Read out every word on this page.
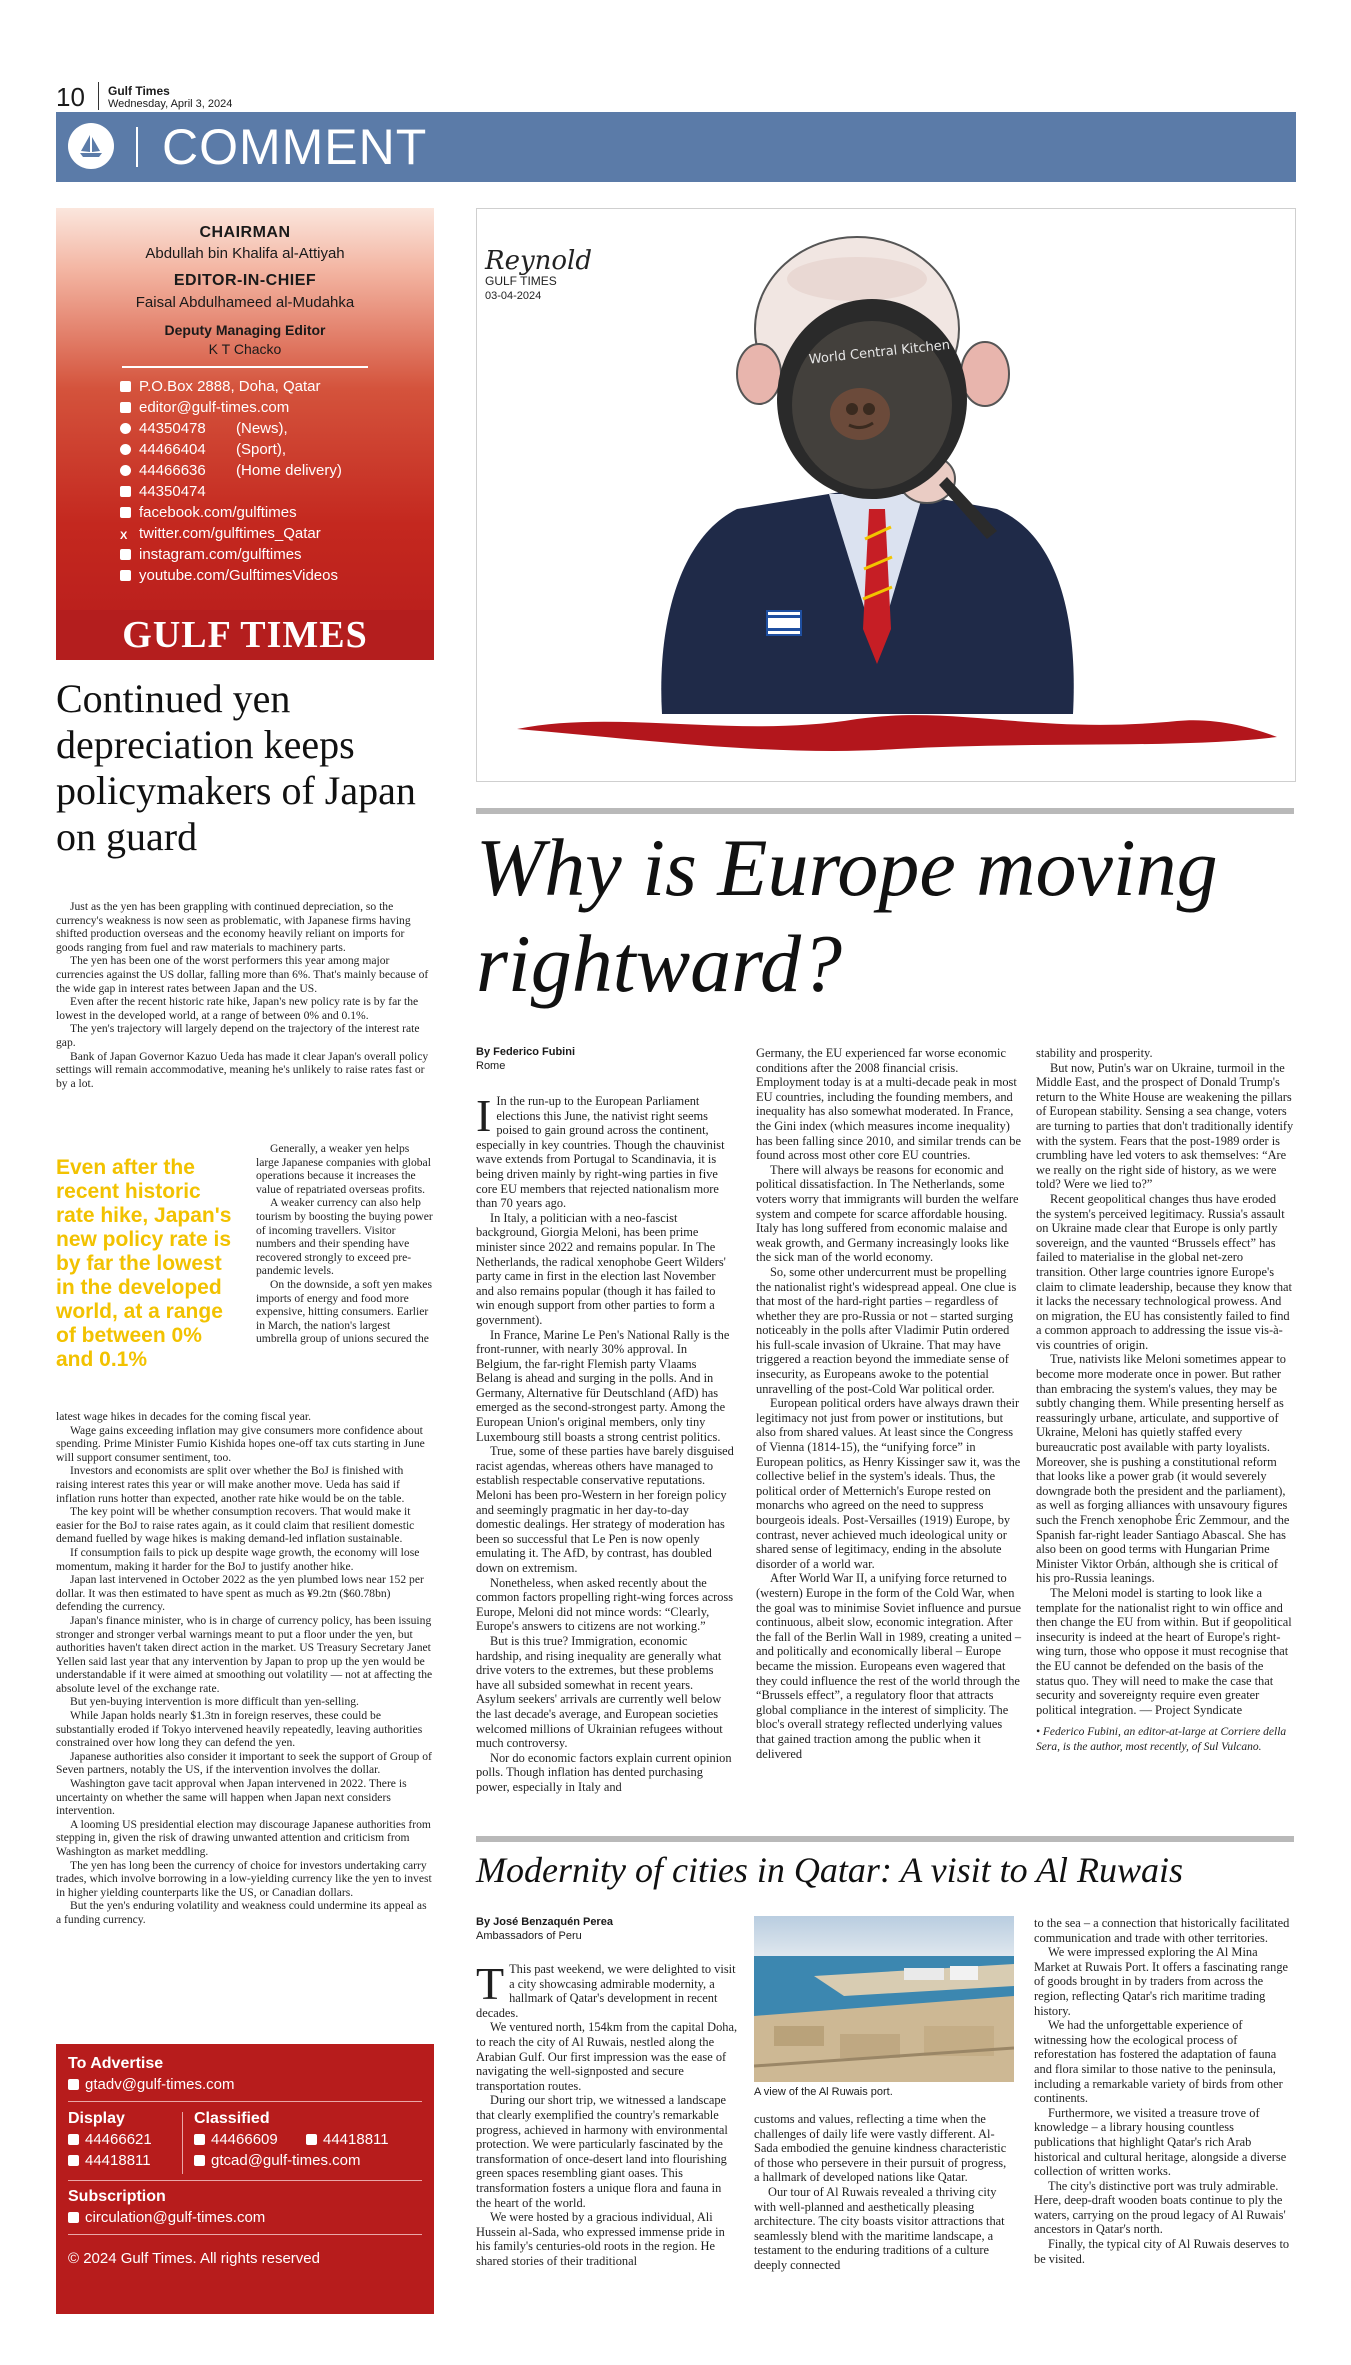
10 Gulf Times
Wednesday, April 3, 2024
COMMENT
CHAIRMAN
Abdullah bin Khalifa al-Attiyah
EDITOR-IN-CHIEF
Faisal Abdulhameed al-Mudahka
Deputy Managing Editor
K T Chacko
P.O.Box 2888, Doha, Qatar
editor@gulf-times.com
44350478 (News),
44466404 (Sport),
44466636 (Home delivery)
44350474
facebook.com/gulftimes
X twitter.com/gulftimes_Qatar
instagram.com/gulftimes
youtube.com/GulftimesVideos
GULF TIMES
Reynold
GULF TIMES
03-04-2024
World Central Kitchen
Why is Europe moving rightward?
By Federico Fubini
Rome

I In the run-up to the European Parliament elections this June, the nativist right seems poised to gain ground across the continent, especially in key countries. Though the chauvinist wave extends from Portugal to Scandinavia, it is being driven mainly by right-wing parties in five core EU members that rejected nationalism more than 70 years ago.

In Italy, a politician with a neo-fascist background, Giorgia Meloni, has been prime minister since 2022 and remains popular. In The Netherlands, the radical xenophobe Geert Wilders' party came in first in the election last November and also remains popular (though it has failed to win enough support from other parties to form a government).

In France, Marine Le Pen's National Rally is the front-runner, with nearly 30% approval. In Belgium, the far-right Flemish party Vlaams Belang is ahead and surging in the polls. And in Germany, Alternative für Deutschland (AfD) has emerged as the second-strongest party. Among the European Union's original members, only tiny Luxembourg still boasts a strong centrist politics.

True, some of these parties have barely disguised racist agendas, whereas others have managed to establish respectable conservative reputations. Meloni has been pro-Western in her foreign policy and seemingly pragmatic in her day-to-day domestic dealings. Her strategy of moderation has been so successful that Le Pen is now openly emulating it. The AfD, by contrast, has doubled down on extremism.

Nonetheless, when asked recently about the common factors propelling right-wing forces across Europe, Meloni did not mince words: “Clearly, Europe's answers to citizens are not working.”

But is this true? Immigration, economic hardship, and rising inequality are generally what drive voters to the extremes, but these problems have all subsided somewhat in recent years. Asylum seekers' arrivals are currently well below the last decade's average, and European societies welcomed millions of Ukrainian refugees without much controversy.

Nor do economic factors explain current opinion polls. Though inflation has dented purchasing power, especially in Italy and

Germany, the EU experienced far worse economic conditions after the 2008 financial crisis. Employment today is at a multi-decade peak in most EU countries, including the founding members, and inequality has also somewhat moderated. In France, the Gini index (which measures income inequality) has been falling since 2010, and similar trends can be found across most other core EU countries.

There will always be reasons for economic and political dissatisfaction. In The Netherlands, some voters worry that immigrants will burden the welfare system and compete for scarce affordable housing. Italy has long suffered from economic malaise and weak growth, and Germany increasingly looks like the sick man of the world economy.

So, some other undercurrent must be propelling the nationalist right's widespread appeal. One clue is that most of the hard-right parties – regardless of whether they are pro-Russia or not – started surging noticeably in the polls after Vladimir Putin ordered his full-scale invasion of Ukraine. That may have triggered a reaction beyond the immediate sense of insecurity, as Europeans awoke to the potential unravelling of the post-Cold War political order.

European political orders have always drawn their legitimacy not just from power or institutions, but also from shared values. At least since the Congress of Vienna (1814-15), the “unifying force” in European politics, as Henry Kissinger saw it, was the collective belief in the system's ideals. Thus, the political order of Metternich's Europe rested on monarchs who agreed on the need to suppress bourgeois ideals. Post-Versailles (1919) Europe, by contrast, never achieved much ideological unity or shared sense of legitimacy, ending in the absolute disorder of a world war.

After World War II, a unifying force returned to (western) Europe in the form of the Cold War, when the goal was to minimise Soviet influence and pursue continuous, albeit slow, economic integration. After the fall of the Berlin Wall in 1989, creating a united – and politically and economically liberal – Europe became the mission. Europeans even wagered that they could influence the rest of the world through the “Brussels effect”, a regulatory floor that attracts global compliance in the interest of simplicity. The bloc's overall strategy reflected underlying values that gained traction among the public when it delivered

stability and prosperity.

But now, Putin's war on Ukraine, turmoil in the Middle East, and the prospect of Donald Trump's return to the White House are weakening the pillars of European stability. Sensing a sea change, voters are turning to parties that don't traditionally identify with the system. Fears that the post-1989 order is crumbling have led voters to ask themselves: “Are we really on the right side of history, as we were told? Were we lied to?”

Recent geopolitical changes thus have eroded the system's perceived legitimacy. Russia's assault on Ukraine made clear that Europe is only partly sovereign, and the vaunted “Brussels effect” has failed to materialise in the global net-zero transition. Other large countries ignore Europe's claim to climate leadership, because they know that it lacks the necessary technological prowess. And on migration, the EU has consistently failed to find a common approach to addressing the issue vis-à-vis countries of origin.

True, nativists like Meloni sometimes appear to become more moderate once in power. But rather than embracing the system's values, they may be subtly changing them. While presenting herself as reassuringly urbane, articulate, and supportive of Ukraine, Meloni has quietly staffed every bureaucratic post available with party loyalists. Moreover, she is pushing a constitutional reform that looks like a power grab (it would severely downgrade both the president and the parliament), as well as forging alliances with unsavoury figures such the French xenophobe Éric Zemmour, and the Spanish far-right leader Santiago Abascal. She has also been on good terms with Hungarian Prime Minister Viktor Orbán, although she is critical of his pro-Russia leanings.

The Meloni model is starting to look like a template for the nationalist right to win office and then change the EU from within. But if geopolitical insecurity is indeed at the heart of Europe's right-wing turn, those who oppose it must recognise that the EU cannot be defended on the basis of the status quo. They will need to make the case that security and sovereignty require even greater political integration. — Project Syndicate

• Federico Fubini, an editor-at-large at Corriere della Sera, is the author, most recently, of Sul Vulcano.

Continued yen depreciation keeps policymakers of Japan on guard

Just as the yen has been grappling with continued depreciation, so the currency's weakness is now seen as problematic, with Japanese firms having shifted production overseas and the economy heavily reliant on imports for goods ranging from fuel and raw materials to machinery parts.

The yen has been one of the worst performers this year among major currencies against the US dollar, falling more than 6%. That's mainly because of the wide gap in interest rates between Japan and the US.

Even after the recent historic rate hike, Japan's new policy rate is by far the lowest in the developed world, at a range of between 0% and 0.1%.

The yen's trajectory will largely depend on the trajectory of the interest rate gap.

Bank of Japan Governor Kazuo Ueda has made it clear Japan's overall policy settings will remain accommodative, meaning he's unlikely to raise rates fast or by a lot.

Even after the recent historic rate hike, Japan's new policy rate is by far the lowest in the developed world, at a range of between 0% and 0.1%

Generally, a weaker yen helps large Japanese companies with global operations because it increases the value of repatriated overseas profits.

A weaker currency can also help tourism by boosting the buying power of incoming travellers. Visitor numbers and their spending have recovered strongly to exceed pre-pandemic levels.

On the downside, a soft yen makes imports of energy and food more expensive, hitting consumers. Earlier in March, the nation's largest umbrella group of unions secured the

latest wage hikes in decades for the coming fiscal year.

Wage gains exceeding inflation may give consumers more confidence about spending. Prime Minister Fumio Kishida hopes one-off tax cuts starting in June will support consumer sentiment, too.

Investors and economists are split over whether the BoJ is finished with raising interest rates this year or will make another move. Ueda has said if inflation runs hotter than expected, another rate hike would be on the table.

The key point will be whether consumption recovers. That would make it easier for the BoJ to raise rates again, as it could claim that resilient domestic demand fuelled by wage hikes is making demand-led inflation sustainable.

If consumption fails to pick up despite wage growth, the economy will lose momentum, making it harder for the BoJ to justify another hike.

Japan last intervened in October 2022 as the yen plumbed lows near 152 per dollar. It was then estimated to have spent as much as ¥9.2tn ($60.78bn) defending the currency.

Japan's finance minister, who is in charge of currency policy, has been issuing stronger and stronger verbal warnings meant to put a floor under the yen, but authorities haven't taken direct action in the market. US Treasury Secretary Janet Yellen said last year that any intervention by Japan to prop up the yen would be understandable if it were aimed at smoothing out volatility — not at affecting the absolute level of the exchange rate.

But yen-buying intervention is more difficult than yen-selling.

While Japan holds nearly $1.3tn in foreign reserves, these could be substantially eroded if Tokyo intervened heavily repeatedly, leaving authorities constrained over how long they can defend the yen.

Japanese authorities also consider it important to seek the support of Group of Seven partners, notably the US, if the intervention involves the dollar.

Washington gave tacit approval when Japan intervened in 2022. There is uncertainty on whether the same will happen when Japan next considers intervention.

A looming US presidential election may discourage Japanese authorities from stepping in, given the risk of drawing unwanted attention and criticism from Washington as market meddling.

The yen has long been the currency of choice for investors undertaking carry trades, which involve borrowing in a low-yielding currency like the yen to invest in higher yielding counterparts like the US, or Canadian dollars.

But the yen's enduring volatility and weakness could undermine its appeal as a funding currency.

To Advertise
gtadv@gulf-times.com
Display
44466621
44418811
Classified
44466609	44418811
gtcad@gulf-times.com
Subscription
circulation@gulf-times.com
© 2024 Gulf Times. All rights reserved
Modernity of cities in Qatar: A visit to Al Ruwais
By José Benzaquén Perea
Ambassadors of Peru

T This past weekend, we were delighted to visit a city showcasing admirable modernity, a hallmark of Qatar's development in recent decades.

We ventured north, 154km from the capital Doha, to reach the city of Al Ruwais, nestled along the Arabian Gulf. Our first impression was the ease of navigating the well-signposted and secure transportation routes.

During our short trip, we witnessed a landscape that clearly exemplified the country's remarkable progress, achieved in harmony with environmental protection. We were particularly fascinated by the transformation of once-desert land into flourishing green spaces resembling giant oases. This transformation fosters a unique flora and fauna in the heart of the world.

We were hosted by a gracious individual, Ali Hussein al-Sada, who expressed immense pride in his family's centuries-old roots in the region. He shared stories of their traditional

A view of the Al Ruwais port.

customs and values, reflecting a time when the challenges of daily life were vastly different. Al-Sada embodied the genuine kindness characteristic of those who persevere in their pursuit of progress, a hallmark of developed nations like Qatar.

Our tour of Al Ruwais revealed a thriving city with well-planned and aesthetically pleasing architecture. The city boasts visitor attractions that seamlessly blend with the maritime landscape, a testament to the enduring traditions of a culture deeply connected

to the sea – a connection that historically facilitated communication and trade with other territories.

We were impressed exploring the Al Mina Market at Ruwais Port. It offers a fascinating range of goods brought in by traders from across the region, reflecting Qatar's rich maritime trading history.

We had the unforgettable experience of witnessing how the ecological process of reforestation has fostered the adaptation of fauna and flora similar to those native to the peninsula, including a remarkable variety of birds from other continents.

Furthermore, we visited a treasure trove of knowledge – a library housing countless publications that highlight Qatar's rich Arab historical and cultural heritage, alongside a diverse collection of written works.

The city's distinctive port was truly admirable. Here, deep-draft wooden boats continue to ply the waters, carrying on the proud legacy of Al Ruwais' ancestors in Qatar's north.

Finally, the typical city of Al Ruwais deserves to be visited.
